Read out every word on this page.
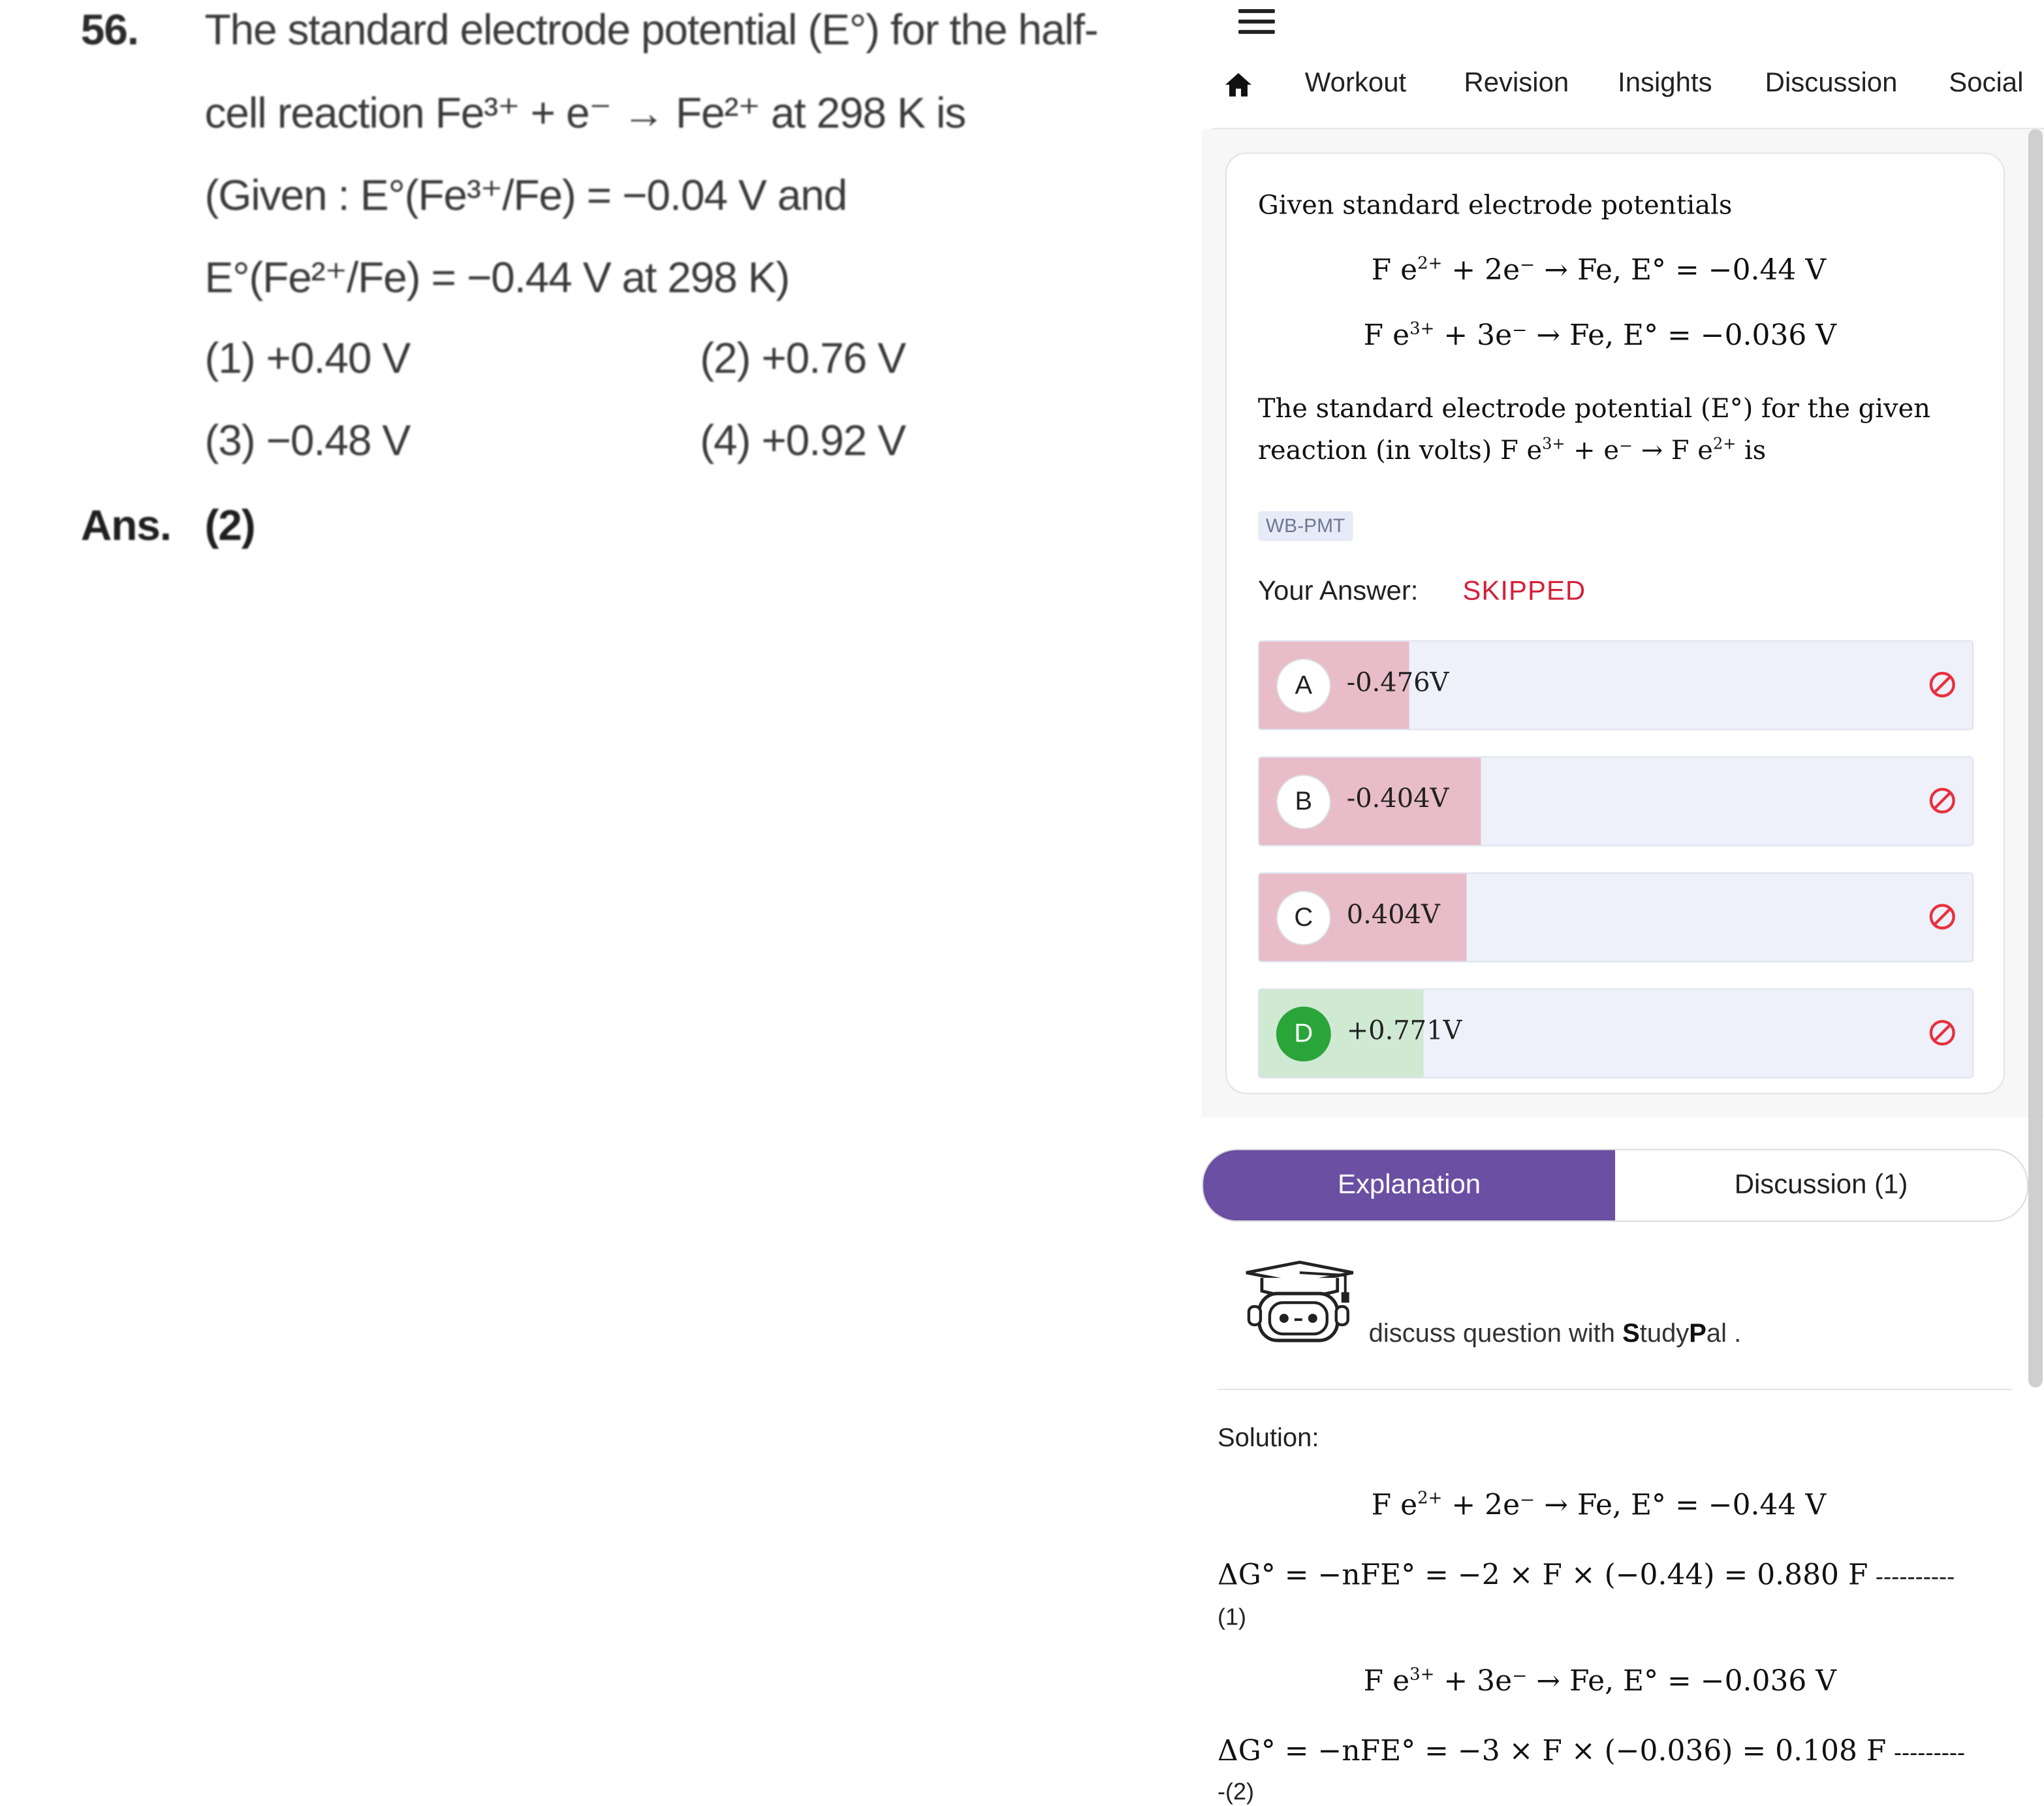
56.	The standard electrode potential (E°) for the half-
cell reaction Fe³⁺ + e⁻ → Fe²⁺ at 298 K is
(Given : E°(Fe³⁺/Fe) = −0.04 V and
E°(Fe²⁺/Fe) = −0.44 V at 298 K)
(1) +0.40 V	(2) +0.76 V
(3) −0.48 V	(4) +0.92 V
Ans. (2)
Workout	Revision	Insights	Discussion	Social
Given standard electrode potentials
F $e^{2+} + 2e^- \to Fe$, E° = −0.44 V
F $e^{3+} + 3e^- \to Fe$, E° = −0.036 V
The standard electrode potential (E°) for the given
reaction (in volts) F $e^{3+} + e^- \to F$ $e^{2+}$ is
WB-PMT
Your Answer:	SKIPPED
A	-0.476V
B	-0.404V
C	0.404V
D	+0.771V
Explanation	Discussion (1)
discuss question with StudyPal .
Solution:
F $e^{2+} + 2e^- \to Fe$, E° = −0.44 V
ΔG° = −nFE° = −2 × F × (−0.44) = 0.880 F ----------
(1)
F $e^{3+} + 3e^- \to Fe$, E° = −0.036 V
ΔG° = −nFE° = −3 × F × (−0.036) = 0.108 F ---------
-(2)
